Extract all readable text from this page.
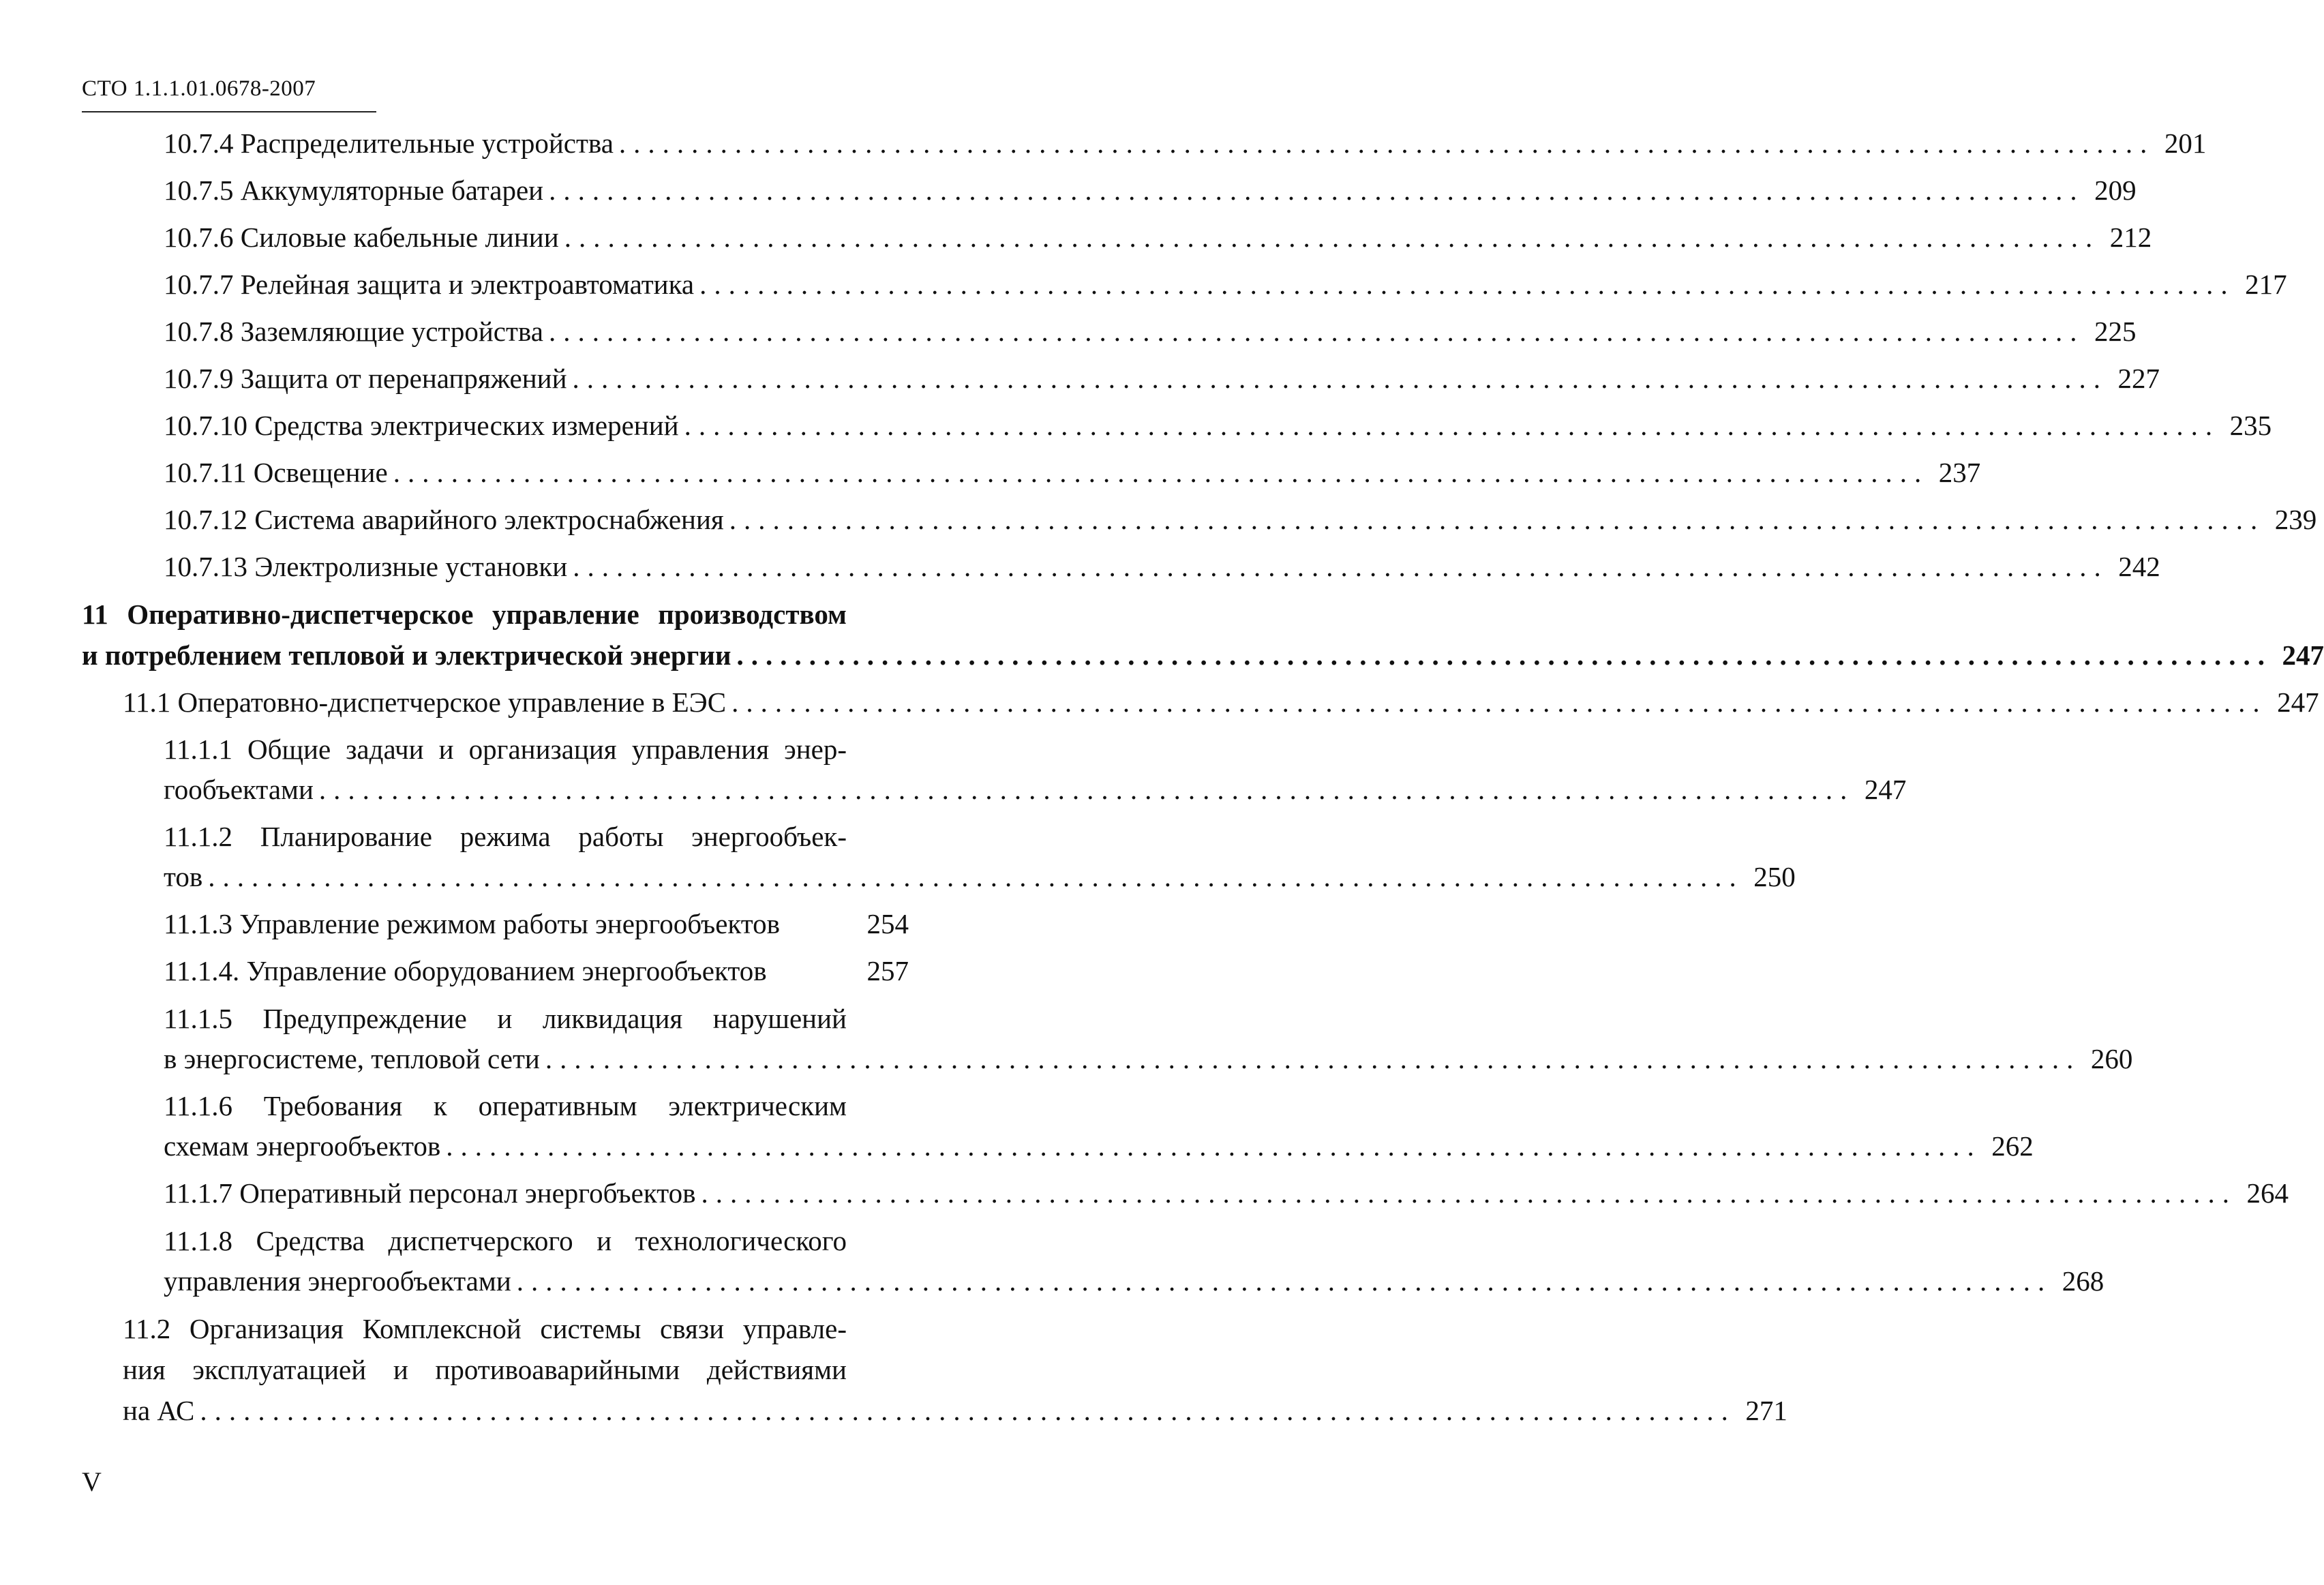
СТО 1.1.1.01.0678-2007
10.7.4 Распределительные устройства .......................................................................................................... 201
10.7.5 Аккумуляторные батареи .......................................................................................................... 209
10.7.6 Силовые кабельные линии .......................................................................................................... 212
10.7.7 Релейная защита и электроавтоматика .......................................................................................................... 217
10.7.8 Заземляющие устройства .......................................................................................................... 225
10.7.9 Защита от перенапряжений .......................................................................................................... 227
10.7.10 Средства электрических измерений .......................................................................................................... 235
10.7.11 Освещение .......................................................................................................... 237
10.7.12 Система аварийного электроснабжения .......................................................................................................... 239
10.7.13 Электролизные установки .......................................................................................................... 242
11 Оперативно-диспетчерское управление производством
и потреблением тепловой и электрической энергии .......................................................................................................... 247
11.1 Оператовно-диспетчерское управление в ЕЭС .......................................................................................................... 247
11.1.1 Общие задачи и организация управления энер-
гообъектами .......................................................................................................... 247
11.1.2 Планирование режима работы энергообъек-
тов .......................................................................................................... 250
11.1.3 Управление режимом работы энергообъектов	254
11.1.4. Управление оборудованием энергообъектов	257
11.1.5 Предупреждение и ликвидация нарушений
в энергосистеме, тепловой сети .......................................................................................................... 260
11.1.6 Требования к оперативным электрическим
схемам энергообъектов .......................................................................................................... 262
11.1.7 Оперативный персонал энергобъектов .......................................................................................................... 264
11.1.8 Средства диспетчерского и технологического
управления энергообъектами .......................................................................................................... 268
11.2 Организация Комплексной системы связи управле-
ния эксплуатацией и противоаварийными действиями
на АС .......................................................................................................... 271
V
